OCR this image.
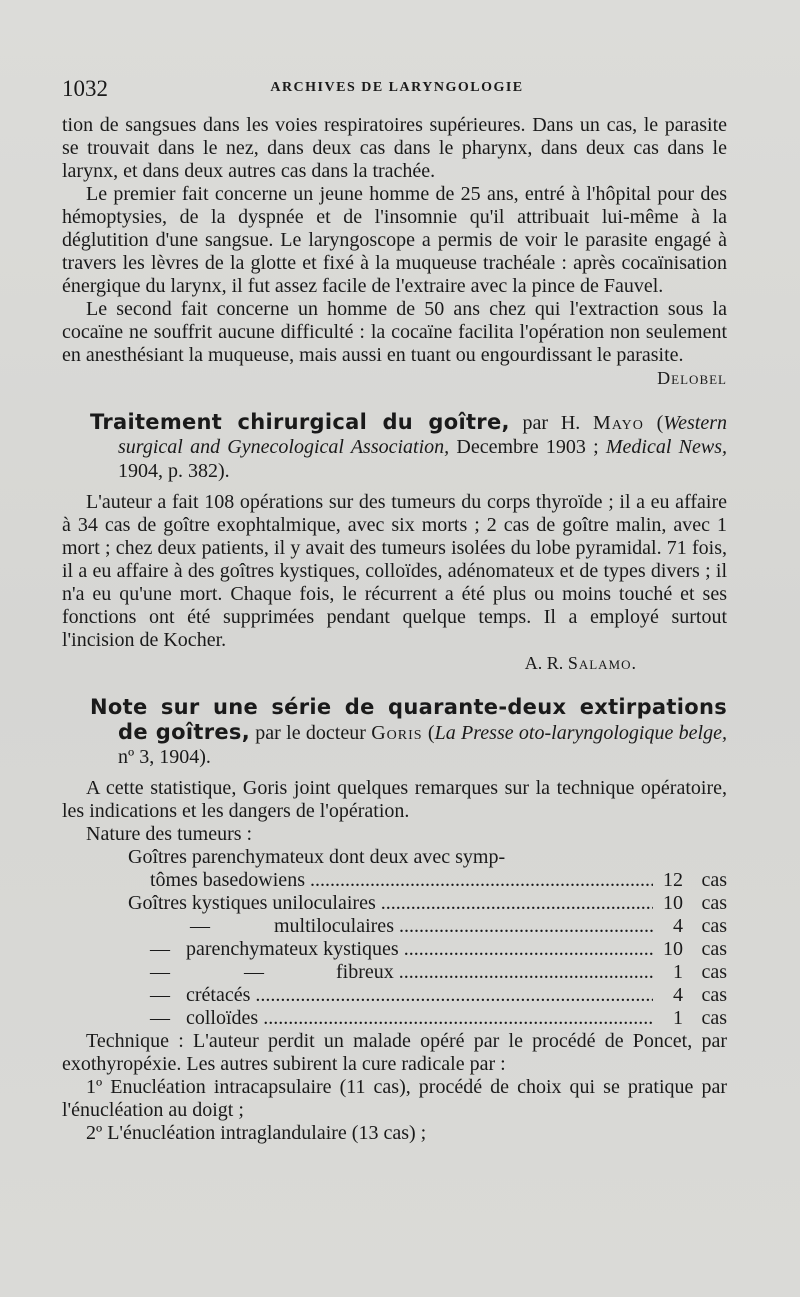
1032	ARCHIVES DE LARYNGOLOGIE

tion de sangsues dans les voies respiratoires supérieures. Dans un cas, le parasite se trouvait dans le nez, dans deux cas dans le pharynx, dans deux cas dans le larynx, et dans deux autres cas dans la trachée.

Le premier fait concerne un jeune homme de 25 ans, entré à l'hôpital pour des hémoptysies, de la dyspnée et de l'insomnie qu'il attribuait lui-même à la déglutition d'une sangsue. Le laryngoscope a permis de voir le parasite engagé à travers les lèvres de la glotte et fixé à la muqueuse trachéale : après cocaïnisation énergique du larynx, il fut assez facile de l'extraire avec la pince de Fauvel.

Le second fait concerne un homme de 50 ans chez qui l'extraction sous la cocaïne ne souffrit aucune difficulté : la cocaïne facilita l'opération non seulement en anesthésiant la muqueuse, mais aussi en tuant ou engourdissant le parasite.

Delobel

Traitement chirurgical du goître, par H. Mayo (Western surgical and Gynecological Association, Decembre 1903 ; Medical News, 1904, p. 382).

L'auteur a fait 108 opérations sur des tumeurs du corps thyroïde ; il a eu affaire à 34 cas de goître exophtalmique, avec six morts ; 2 cas de goître malin, avec 1 mort ; chez deux patients, il y avait des tumeurs isolées du lobe pyramidal. 71 fois, il a eu affaire à des goîtres kystiques, colloïdes, adénomateux et de types divers ; il n'a eu qu'une mort. Chaque fois, le récurrent a été plus ou moins touché et ses fonctions ont été supprimées pendant quelque temps. Il a employé surtout l'incision de Kocher.

A. R. Salamo.

Note sur une série de quarante-deux extirpations de goîtres, par le docteur Goris (La Presse oto-laryngologique belge, nº 3, 1904).

A cette statistique, Goris joint quelques remarques sur la technique opératoire, les indications et les dangers de l'opération.

Nature des tumeurs :

Goîtres parenchymateux dont deux avec symp-
tômes basedowiens .....	12 cas
Goîtres kystiques uniloculaires .....	10 cas
—	multiloculaires .....	4 cas
— parenchymateux kystiques .....	10 cas
—	—	fibreux .....	1 cas
— crétacés .....	4 cas
— colloïdes .....	1 cas

Technique : L'auteur perdit un malade opéré par le procédé de Poncet, par exothyropéxie. Les autres subirent la cure radicale par :

1º Enucléation intracapsulaire (11 cas), procédé de choix qui se pratique par l'énucléation au doigt ;

2º L'énucléation intraglandulaire (13 cas) ;
